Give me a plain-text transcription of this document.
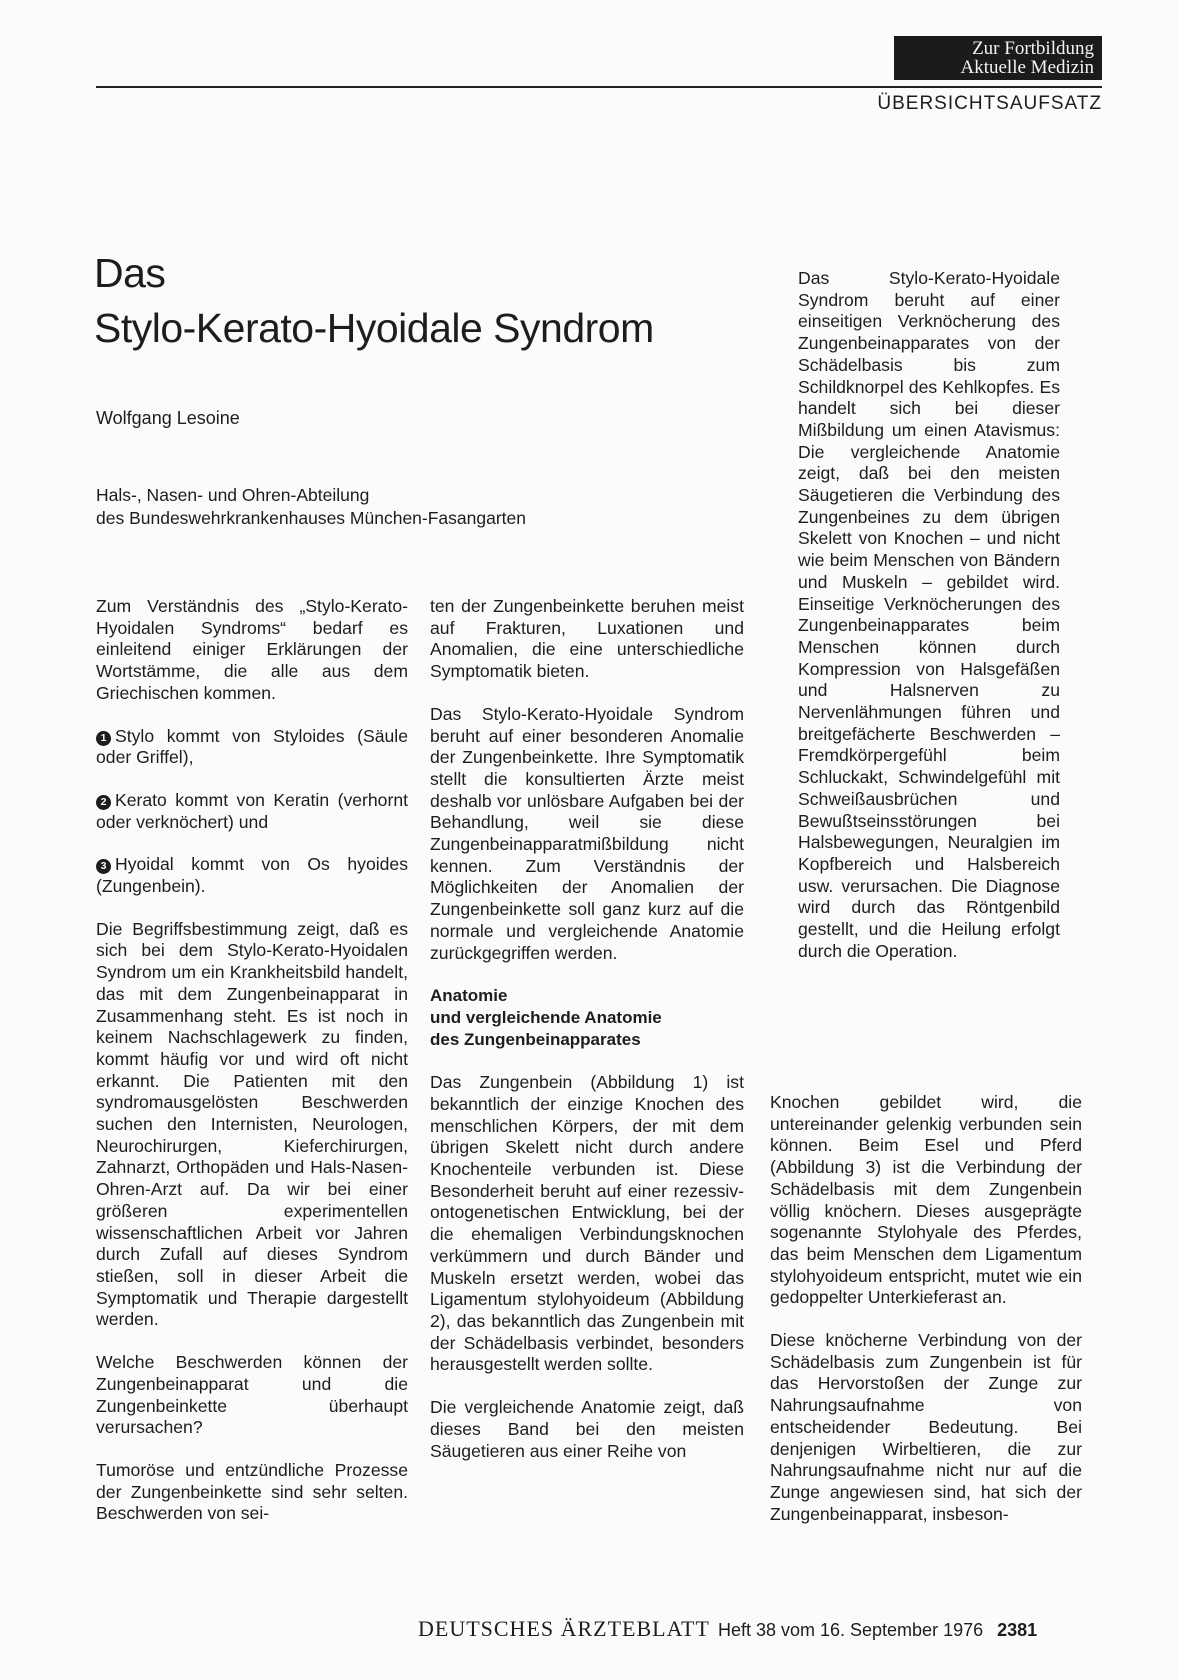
Zur Fortbildung
Aktuelle Medizin
ÜBERSICHTSAUFSATZ
Das
Stylo-Kerato-Hyoidale Syndrom
Wolfgang Lesoine
Hals-, Nasen- und Ohren-Abteilung
des Bundeswehrkrankenhauses München-Fasangarten

Zum Verständnis des „Stylo-Kerato-Hyoidalen Syndroms“ bedarf es einleitend einiger Erklärungen der Wortstämme, die alle aus dem Griechischen kommen.

1 Stylo kommt von Styloides (Säule oder Griffel),

2 Kerato kommt von Keratin (verhornt oder verknöchert) und

3 Hyoidal kommt von Os hyoides (Zungenbein).

Die Begriffsbestimmung zeigt, daß es sich bei dem Stylo-Kerato-Hyoidalen Syndrom um ein Krankheitsbild handelt, das mit dem Zungenbeinapparat in Zusammenhang steht. Es ist noch in keinem Nachschlagewerk zu finden, kommt häufig vor und wird oft nicht erkannt. Die Patienten mit den syndromausgelösten Beschwerden suchen den Internisten, Neurologen, Neurochirurgen, Kieferchirurgen, Zahnarzt, Orthopäden und Hals-Nasen-Ohren-Arzt auf. Da wir bei einer größeren experimentellen wissenschaftlichen Arbeit vor Jahren durch Zufall auf dieses Syndrom stießen, soll in dieser Arbeit die Symptomatik und Therapie dargestellt werden.

Welche Beschwerden können der Zungenbeinapparat und die Zungenbeinkette überhaupt verursachen?

Tumoröse und entzündliche Prozesse der Zungenbeinkette sind sehr selten. Beschwerden von sei-

ten der Zungenbeinkette beruhen meist auf Frakturen, Luxationen und Anomalien, die eine unterschiedliche Symptomatik bieten.

Das Stylo-Kerato-Hyoidale Syndrom beruht auf einer besonderen Anomalie der Zungenbeinkette. Ihre Symptomatik stellt die konsultierten Ärzte meist deshalb vor unlösbare Aufgaben bei der Behandlung, weil sie diese Zungenbeinapparatmißbildung nicht kennen. Zum Verständnis der Möglichkeiten der Anomalien der Zungenbeinkette soll ganz kurz auf die normale und vergleichende Anatomie zurückgegriffen werden.

Anatomie
und vergleichende Anatomie
des Zungenbeinapparates

Das Zungenbein (Abbildung 1) ist bekanntlich der einzige Knochen des menschlichen Körpers, der mit dem übrigen Skelett nicht durch andere Knochenteile verbunden ist. Diese Besonderheit beruht auf einer rezessiv-ontogenetischen Entwicklung, bei der die ehemaligen Verbindungsknochen verkümmern und durch Bänder und Muskeln ersetzt werden, wobei das Ligamentum stylohyoideum (Abbildung 2), das bekanntlich das Zungenbein mit der Schädelbasis verbindet, besonders herausgestellt werden sollte.

Die vergleichende Anatomie zeigt, daß dieses Band bei den meisten Säugetieren aus einer Reihe von

Das Stylo-Kerato-Hyoidale Syndrom beruht auf einer einseitigen Verknöcherung des Zungenbeinapparates von der Schädelbasis bis zum Schildknorpel des Kehlkopfes. Es handelt sich bei dieser Mißbildung um einen Atavismus: Die vergleichende Anatomie zeigt, daß bei den meisten Säugetieren die Verbindung des Zungenbeines zu dem übrigen Skelett von Knochen – und nicht wie beim Menschen von Bändern und Muskeln – gebildet wird. Einseitige Verknöcherungen des Zungenbeinapparates beim Menschen können durch Kompression von Halsgefäßen und Halsnerven zu Nervenlähmungen führen und breitgefächerte Beschwerden – Fremdkörpergefühl beim Schluckakt, Schwindelgefühl mit Schweißausbrüchen und Bewußtseinsstörungen bei Halsbewegungen, Neuralgien im Kopfbereich und Halsbereich usw. verursachen. Die Diagnose wird durch das Röntgenbild gestellt, und die Heilung erfolgt durch die Operation.

Knochen gebildet wird, die untereinander gelenkig verbunden sein können. Beim Esel und Pferd (Abbildung 3) ist die Verbindung der Schädelbasis mit dem Zungenbein völlig knöchern. Dieses ausgeprägte sogenannte Stylohyale des Pferdes, das beim Menschen dem Ligamentum stylohyoideum entspricht, mutet wie ein gedoppelter Unterkieferast an.

Diese knöcherne Verbindung von der Schädelbasis zum Zungenbein ist für das Hervorstoßen der Zunge zur Nahrungsaufnahme von entscheidender Bedeutung. Bei denjenigen Wirbeltieren, die zur Nahrungsaufnahme nicht nur auf die Zunge angewiesen sind, hat sich der Zungenbeinapparat, insbeson-

DEUTSCHES ÄRZTEBLATT Heft 38 vom 16. September 1976 2381
